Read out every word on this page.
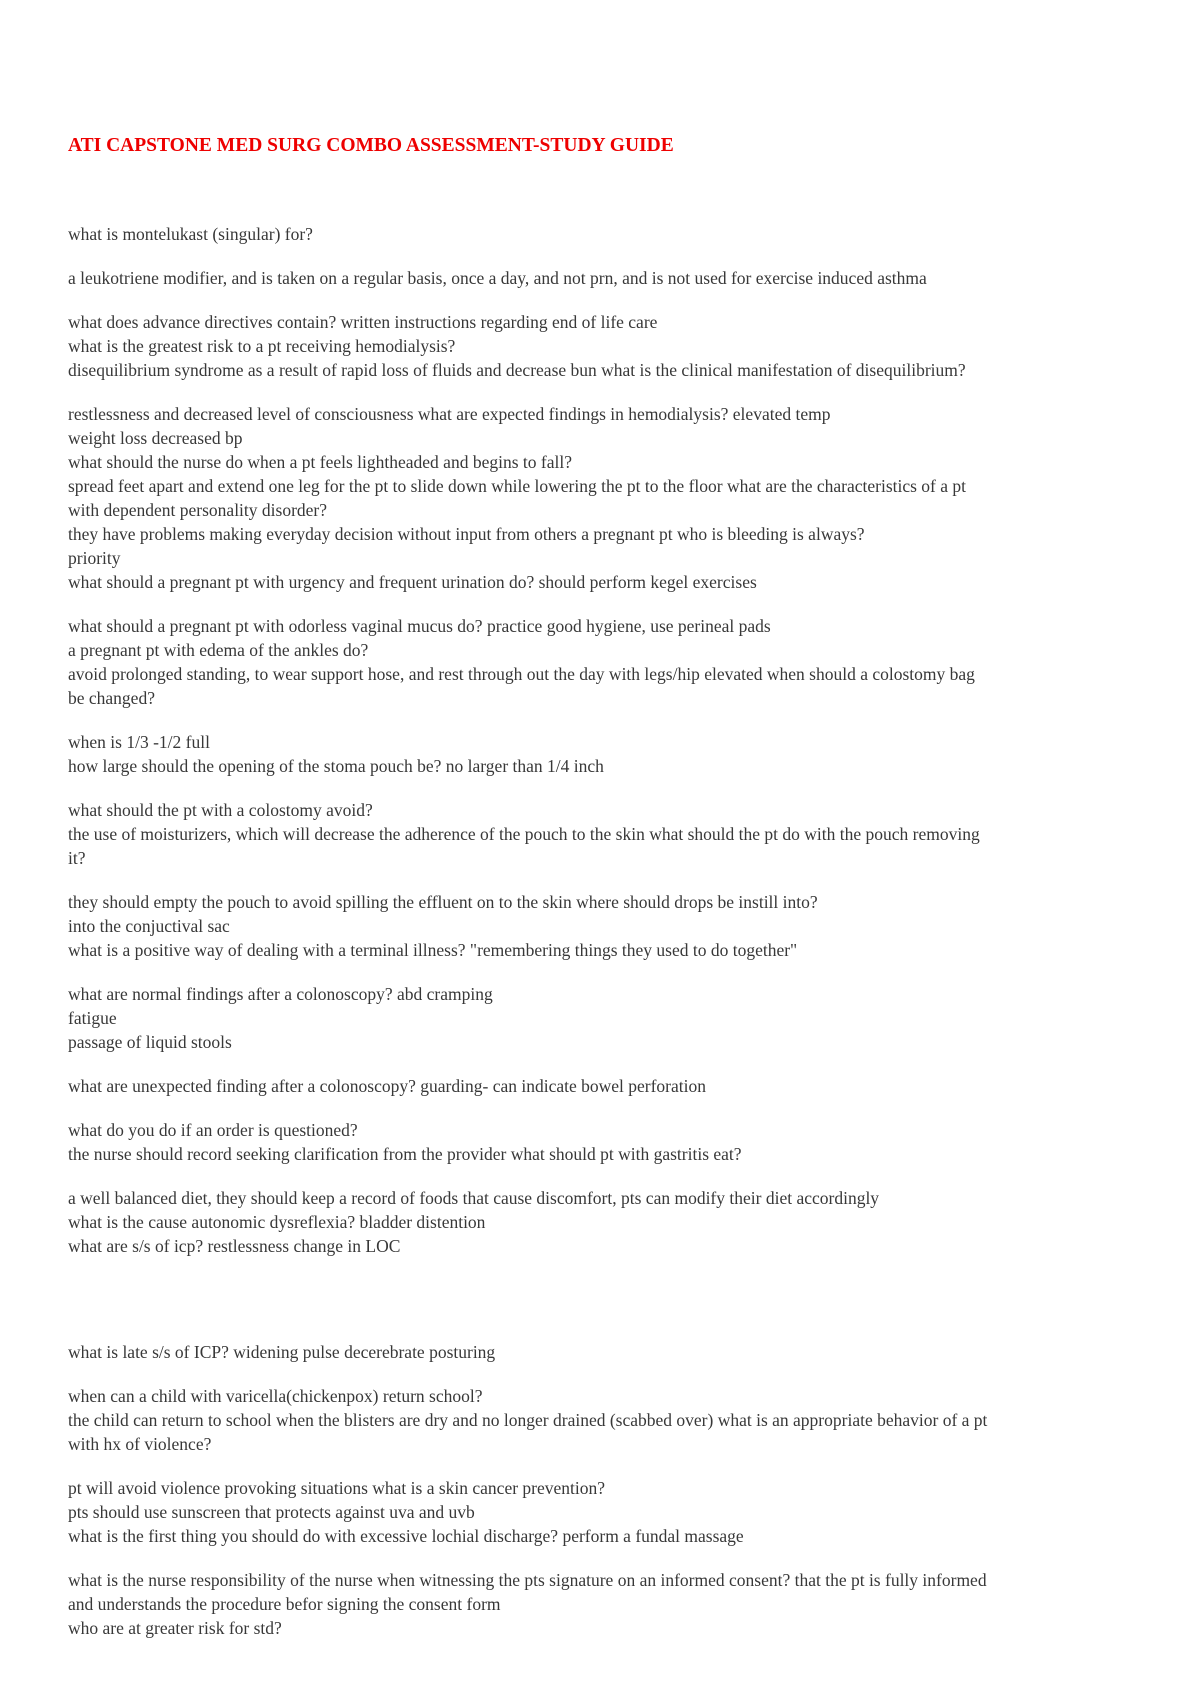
ATI CAPSTONE MED SURG COMBO ASSESSMENT-STUDY GUIDE

what is montelukast (singular) for?

a leukotriene modifier, and is taken on a regular basis, once a day, and not prn, and is not used for exercise induced asthma

what does advance directives contain? written instructions regarding end of life care
what is the greatest risk to a pt receiving hemodialysis?
disequilibrium syndrome as a result of rapid loss of fluids and decrease bun what is the clinical manifestation of disequilibrium?

restlessness and decreased level of consciousness what are expected findings in hemodialysis? elevated temp
weight loss decreased bp
what should the nurse do when a pt feels lightheaded and begins to fall?
spread feet apart and extend one leg for the pt to slide down while lowering the pt to the floor what are the characteristics of a pt
with dependent personality disorder?
they have problems making everyday decision without input from others a pregnant pt who is bleeding is always?
priority
what should a pregnant pt with urgency and frequent urination do? should perform kegel exercises

what should a pregnant pt with odorless vaginal mucus do? practice good hygiene, use perineal pads
a pregnant pt with edema of the ankles do?
avoid prolonged standing, to wear support hose, and rest through out the day with legs/hip elevated when should a colostomy bag
be changed?

when is 1/3 -1/2 full
how large should the opening of the stoma pouch be? no larger than 1/4 inch

what should the pt with a colostomy avoid?
the use of moisturizers, which will decrease the adherence of the pouch to the skin what should the pt do with the pouch removing
it?

they should empty the pouch to avoid spilling the effluent on to the skin where should drops be instill into?
into the conjuctival sac
what is a positive way of dealing with a terminal illness? "remembering things they used to do together"

what are normal findings after a colonoscopy? abd cramping
fatigue
passage of liquid stools

what are unexpected finding after a colonoscopy? guarding- can indicate bowel perforation

what do you do if an order is questioned?
the nurse should record seeking clarification from the provider what should pt with gastritis eat?

a well balanced diet, they should keep a record of foods that cause discomfort, pts can modify their diet accordingly
what is the cause autonomic dysreflexia? bladder distention
what are s/s of icp? restlessness change in LOC

what is late s/s of ICP? widening pulse decerebrate posturing

when can a child with varicella(chickenpox) return school?
the child can return to school when the blisters are dry and no longer drained (scabbed over) what is an appropriate behavior of a pt
with hx of violence?

pt will avoid violence provoking situations what is a skin cancer prevention?
pts should use sunscreen that protects against uva and uvb
what is the first thing you should do with excessive lochial discharge? perform a fundal massage

what is the nurse responsibility of the nurse when witnessing the pts signature on an informed consent? that the pt is fully informed
and understands the procedure befor signing the consent form
who are at greater risk for std?
